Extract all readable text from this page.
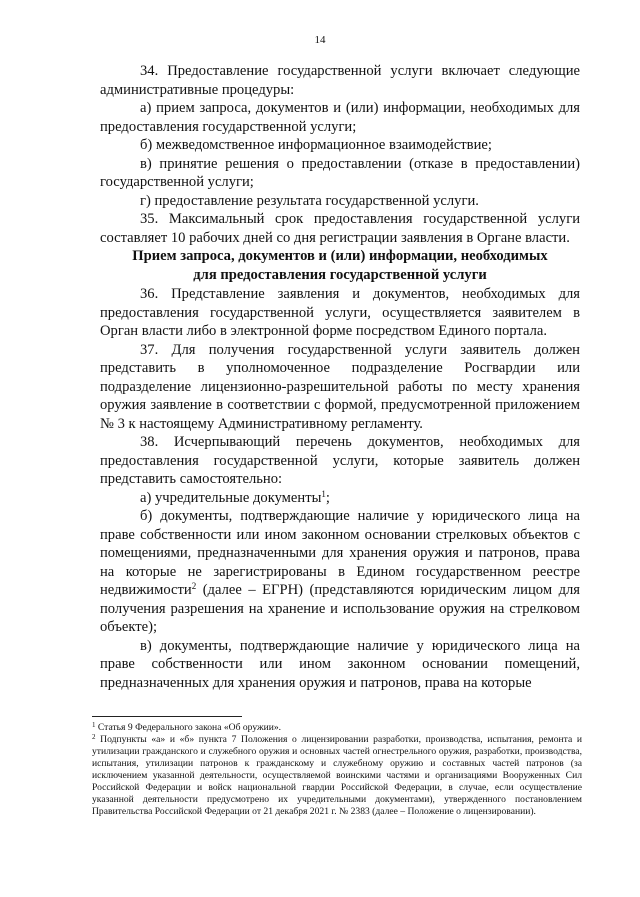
14

34. Предоставление государственной услуги включает следующие административные процедуры:

а) прием запроса, документов и (или) информации, необходимых для предоставления государственной услуги;

б) межведомственное информационное взаимодействие;

в) принятие решения о предоставлении (отказе в предоставлении) государственной услуги;

г) предоставление результата государственной услуги.

35. Максимальный срок предоставления государственной услуги составляет 10 рабочих дней со дня регистрации заявления в Органе власти.

Прием запроса, документов и (или) информации, необходимых
для предоставления государственной услуги

36. Представление заявления и документов, необходимых для предоставления государственной услуги, осуществляется заявителем в Орган власти либо в электронной форме посредством Единого портала.

37. Для получения государственной услуги заявитель должен представить в уполномоченное подразделение Росгвардии или подразделение лицензионно-разрешительной работы по месту хранения оружия заявление в соответствии с формой, предусмотренной приложением № 3 к настоящему Административному регламенту.

38. Исчерпывающий перечень документов, необходимых для предоставления государственной услуги, которые заявитель должен представить самостоятельно:

а) учредительные документы$^1$;

б) документы, подтверждающие наличие у юридического лица на праве собственности или ином законном основании стрелковых объектов с помещениями, предназначенными для хранения оружия и патронов, права на которые не зарегистрированы в Едином государственном реестре недвижимости$^2$ (далее – ЕГРН) (представляются юридическим лицом для получения разрешения на хранение и использование оружия на стрелковом объекте);

в) документы, подтверждающие наличие у юридического лица на праве собственности или ином законном основании помещений, предназначенных для хранения оружия и патронов, права на которые

$^1$ Статья 9 Федерального закона «Об оружии».

$^2$ Подпункты «а» и «б» пункта 7 Положения о лицензировании разработки, производства, испытания, ремонта и утилизации гражданского и служебного оружия и основных частей огнестрельного оружия, разработки, производства, испытания, утилизации патронов к гражданскому и служебному оружию и составных частей патронов (за исключением указанной деятельности, осуществляемой воинскими частями и организациями Вооруженных Сил Российской Федерации и войск национальной гвардии Российской Федерации, в случае, если осуществление указанной деятельности предусмотрено их учредительными документами), утвержденного постановлением Правительства Российской Федерации от 21 декабря 2021 г. № 2383 (далее – Положение о лицензировании).
